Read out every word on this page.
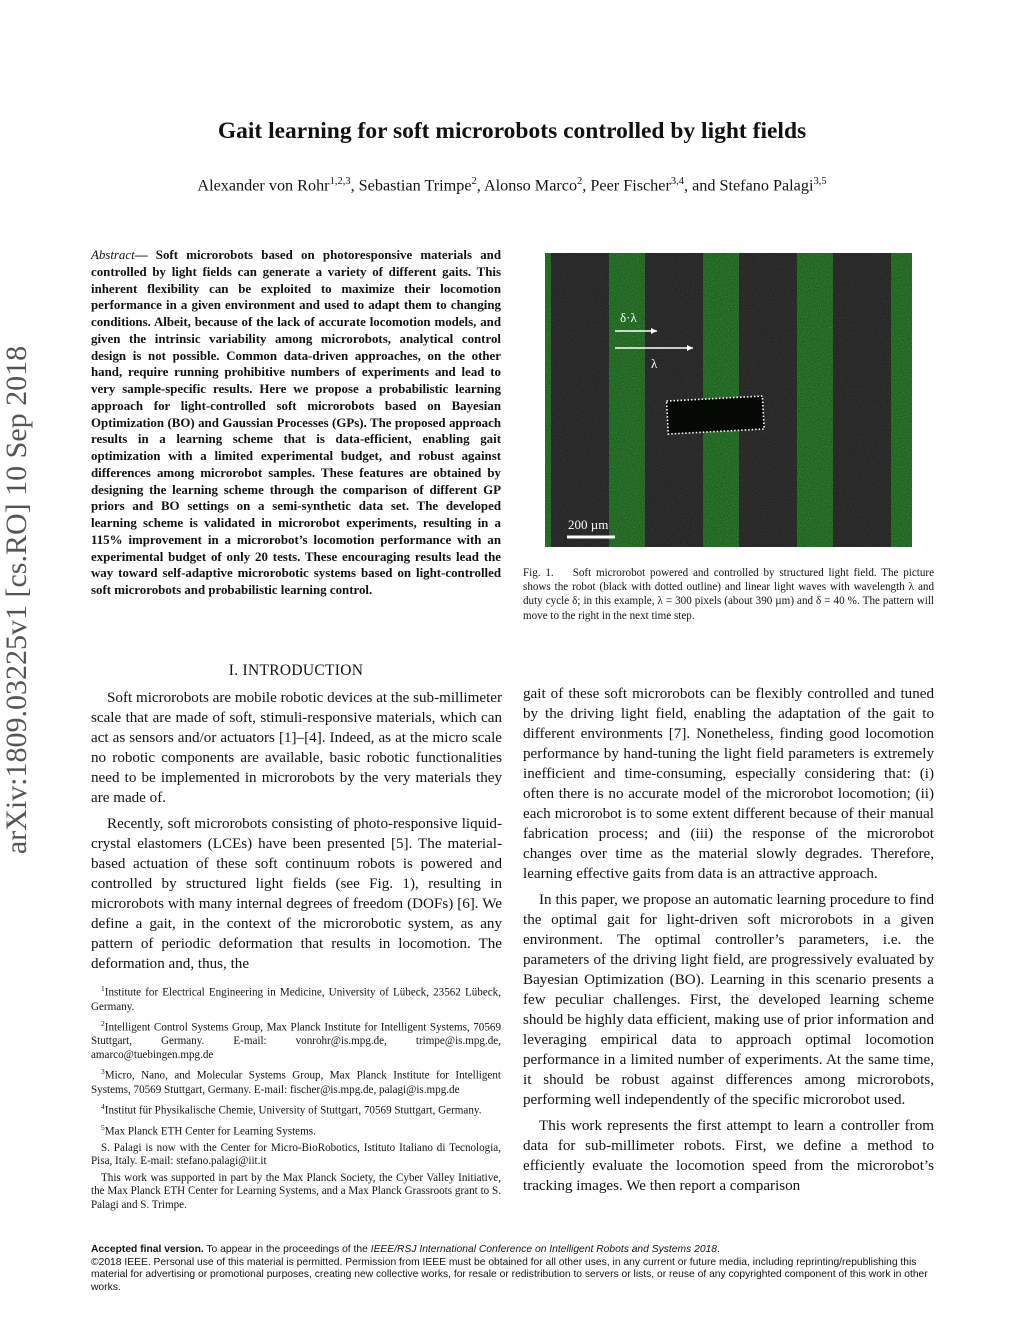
Gait learning for soft microrobots controlled by light fields
Alexander von Rohr$^{1,2,3}$, Sebastian Trimpe$^2$, Alonso Marco$^2$, Peer Fischer$^{3,4}$, and Stefano Palagi$^{3,5}$
arXiv:1809.03225v1 [cs.RO] 10 Sep 2018
Abstract— Soft microrobots based on photoresponsive materials and controlled by light fields can generate a variety of different gaits. This inherent flexibility can be exploited to maximize their locomotion performance in a given environment and used to adapt them to changing conditions. Albeit, because of the lack of accurate locomotion models, and given the intrinsic variability among microrobots, analytical control design is not possible. Common data-driven approaches, on the other hand, require running prohibitive numbers of experiments and lead to very sample-specific results. Here we propose a probabilistic learning approach for light-controlled soft microrobots based on Bayesian Optimization (BO) and Gaussian Processes (GPs). The proposed approach results in a learning scheme that is data-efficient, enabling gait optimization with a limited experimental budget, and robust against differences among microrobot samples. These features are obtained by designing the learning scheme through the comparison of different GP priors and BO settings on a semi-synthetic data set. The developed learning scheme is validated in microrobot experiments, resulting in a 115% improvement in a microrobot’s locomotion performance with an experimental budget of only 20 tests. These encouraging results lead the way toward self-adaptive microrobotic systems based on light-controlled soft microrobots and probabilistic learning control.
I. INTRODUCTION

Soft microrobots are mobile robotic devices at the sub-millimeter scale that are made of soft, stimuli-responsive materials, which can act as sensors and/or actuators [1]–[4]. Indeed, as at the micro scale no robotic components are available, basic robotic functionalities need to be implemented in microrobots by the very materials they are made of.

Recently, soft microrobots consisting of photo-responsive liquid-crystal elastomers (LCEs) have been presented [5]. The material-based actuation of these soft continuum robots is powered and controlled by structured light fields (see Fig. 1), resulting in microrobots with many internal degrees of freedom (DOFs) [6]. We define a gait, in the context of the microrobotic system, as any pattern of periodic deformation that results in locomotion. The deformation and, thus, the

$^1$Institute for Electrical Engineering in Medicine, University of Lübeck, 23562 Lübeck, Germany.

$^2$Intelligent Control Systems Group, Max Planck Institute for Intelligent Systems, 70569 Stuttgart, Germany. E-mail: vonrohr@is.mpg.de, trimpe@is.mpg.de, amarco@tuebingen.mpg.de

$^3$Micro, Nano, and Molecular Systems Group, Max Planck Institute for Intelligent Systems, 70569 Stuttgart, Germany. E-mail: fischer@is.mpg.de, palagi@is.mpg.de

$^4$Institut für Physikalische Chemie, University of Stuttgart, 70569 Stuttgart, Germany.

$^5$Max Planck ETH Center for Learning Systems.

S. Palagi is now with the Center for Micro-BioRobotics, Istituto Italiano di Tecnologia, Pisa, Italy. E-mail: stefano.palagi@iit.it

This work was supported in part by the Max Planck Society, the Cyber Valley Initiative, the Max Planck ETH Center for Learning Systems, and a Max Planck Grassroots grant to S. Palagi and S. Trimpe.

δ·λ
λ
200 µm
Fig. 1. Soft microrobot powered and controlled by structured light field. The picture shows the robot (black with dotted outline) and linear light waves with wavelength λ and duty cycle δ; in this example, λ = 300 pixels (about 390 µm) and δ = 40 %. The pattern will move to the right in the next time step.

gait of these soft microrobots can be flexibly controlled and tuned by the driving light field, enabling the adaptation of the gait to different environments [7]. Nonetheless, finding good locomotion performance by hand-tuning the light field parameters is extremely inefficient and time-consuming, especially considering that: (i) often there is no accurate model of the microrobot locomotion; (ii) each microrobot is to some extent different because of their manual fabrication process; and (iii) the response of the microrobot changes over time as the material slowly degrades. Therefore, learning effective gaits from data is an attractive approach.

In this paper, we propose an automatic learning procedure to find the optimal gait for light-driven soft microrobots in a given environment. The optimal controller’s parameters, i.e. the parameters of the driving light field, are progressively evaluated by Bayesian Optimization (BO). Learning in this scenario presents a few peculiar challenges. First, the developed learning scheme should be highly data efficient, making use of prior information and leveraging empirical data to approach optimal locomotion performance in a limited number of experiments. At the same time, it should be robust against differences among microrobots, performing well independently of the specific microrobot used.

This work represents the first attempt to learn a controller from data for sub-millimeter robots. First, we define a method to efficiently evaluate the locomotion speed from the microrobot’s tracking images. We then report a comparison

Accepted final version. To appear in the proceedings of the IEEE/RSJ International Conference on Intelligent Robots and Systems 2018.
©2018 IEEE. Personal use of this material is permitted. Permission from IEEE must be obtained for all other uses, in any current or future media, including reprinting/republishing this material for advertising or promotional purposes, creating new collective works, for resale or redistribution to servers or lists, or reuse of any copyrighted component of this work in other works.
